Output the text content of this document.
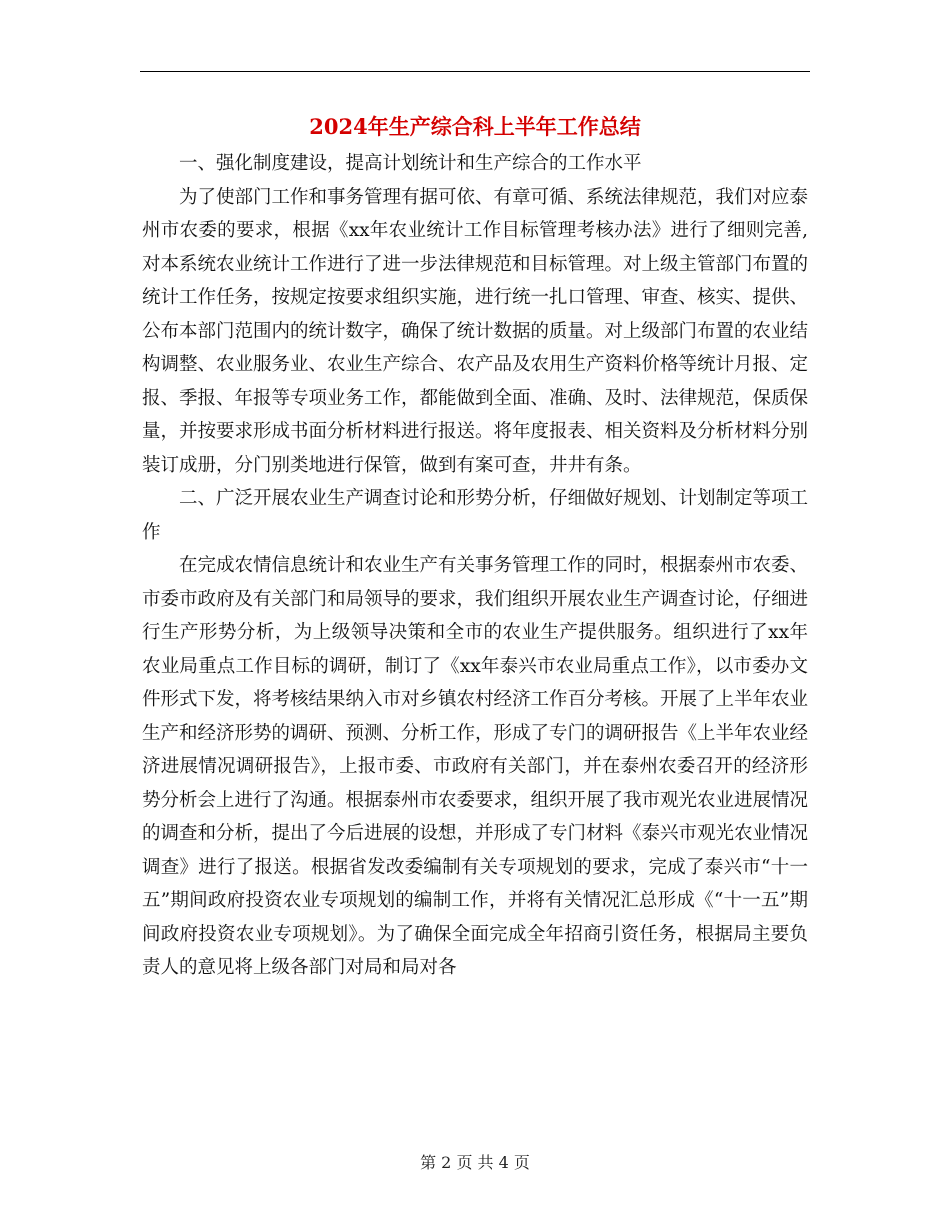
2024年生产综合科上半年工作总结

一、强化制度建设，提高计划统计和生产综合的工作水平

为了使部门工作和事务管理有据可依、有章可循、系统法律规范，我们对应泰州市农委的要求，根据《xx年农业统计工作目标管理考核办法》进行了细则完善,对本系统农业统计工作进行了进一步法律规范和目标管理。对上级主管部门布置的统计工作任务，按规定按要求组织实施，进行统一扎口管理、审查、核实、提供、公布本部门范围内的统计数字，确保了统计数据的质量。对上级部门布置的农业结构调整、农业服务业、农业生产综合、农产品及农用生产资料价格等统计月报、定报、季报、年报等专项业务工作，都能做到全面、准确、及时、法律规范，保质保量，并按要求形成书面分析材料进行报送。将年度报表、相关资料及分析材料分别装订成册，分门别类地进行保管，做到有案可查，井井有条。

二、广泛开展农业生产调查讨论和形势分析，仔细做好规划、计划制定等项工作

在完成农情信息统计和农业生产有关事务管理工作的同时，根据泰州市农委、市委市政府及有关部门和局领导的要求，我们组织开展农业生产调查讨论，仔细进行生产形势分析，为上级领导决策和全市的农业生产提供服务。组织进行了xx年农业局重点工作目标的调研，制订了《xx年泰兴市农业局重点工作》，以市委办文件形式下发，将考核结果纳入市对乡镇农村经济工作百分考核。开展了上半年农业生产和经济形势的调研、预测、分析工作，形成了专门的调研报告《上半年农业经济进展情况调研报告》，上报市委、市政府有关部门，并在泰州农委召开的经济形势分析会上进行了沟通。根据泰州市农委要求，组织开展了我市观光农业进展情况的调查和分析，提出了今后进展的设想，并形成了专门材料《泰兴市观光农业情况调查》进行了报送。根据省发改委编制有关专项规划的要求，完成了泰兴市“十一五”期间政府投资农业专项规划的编制工作，并将有关情况汇总形成《“十一五”期间政府投资农业专项规划》。为了确保全面完成全年招商引资任务，根据局主要负责人的意见将上级各部门对局和局对各

第 2 页 共 4 页
